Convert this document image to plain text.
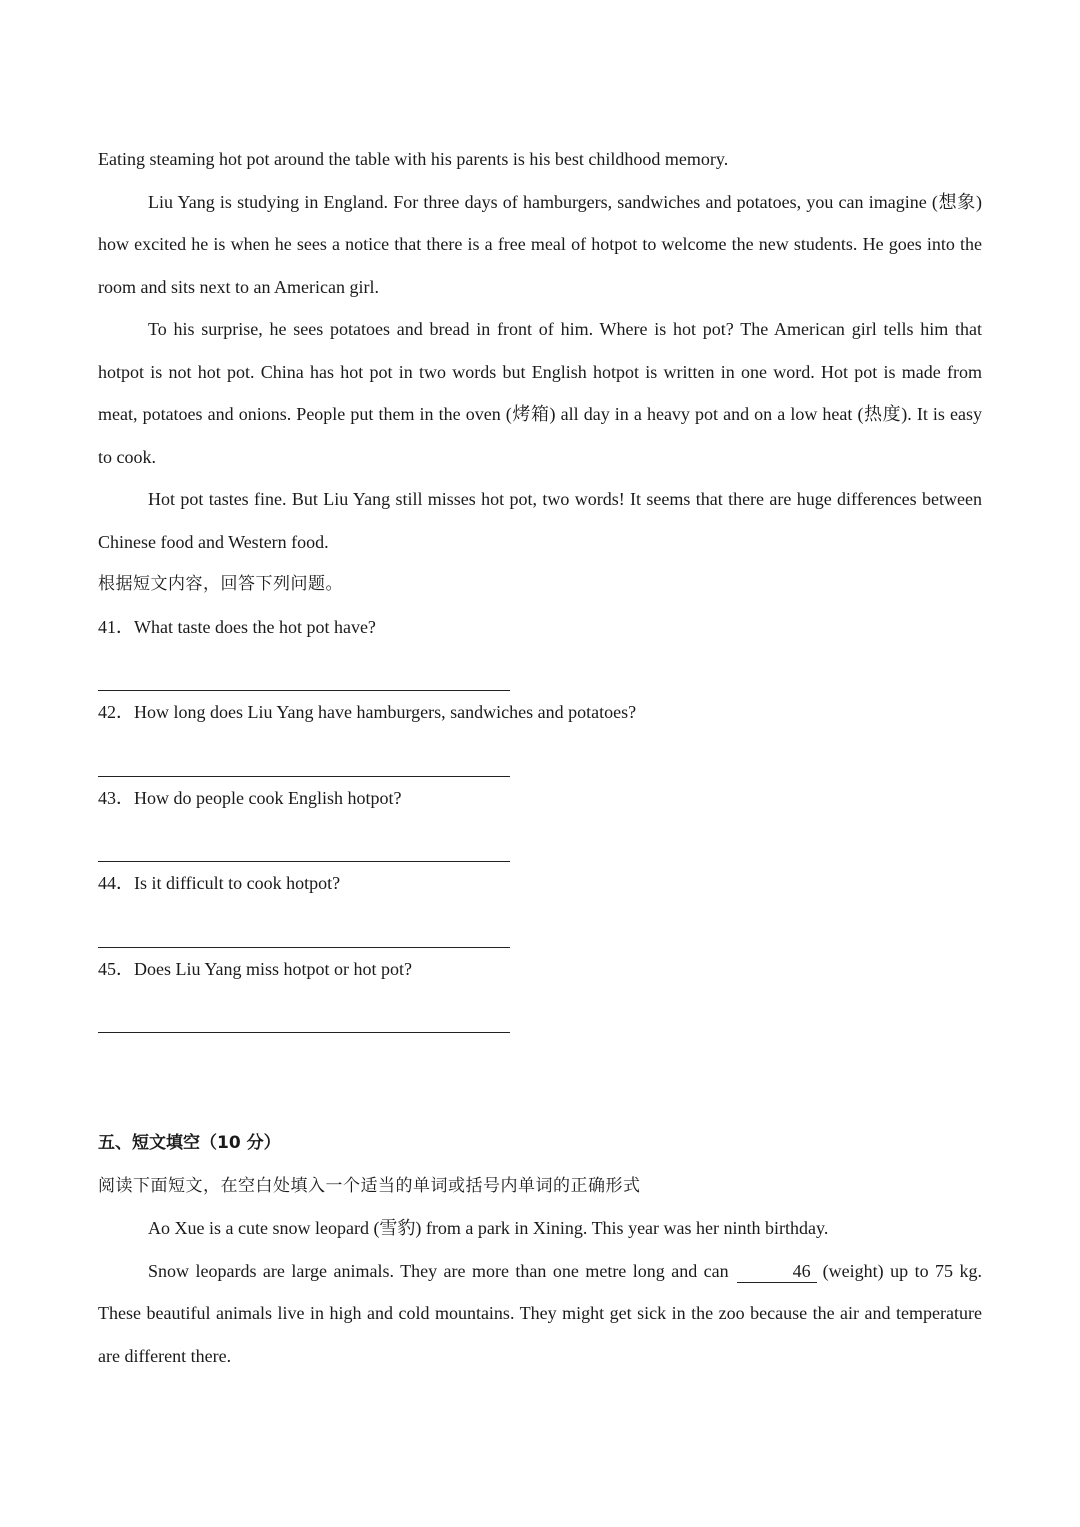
Eating steaming hot pot around the table with his parents is his best childhood memory.

Liu Yang is studying in England. For three days of hamburgers, sandwiches and potatoes, you can imagine (想象) how excited he is when he sees a notice that there is a free meal of hotpot to welcome the new students. He goes into the room and sits next to an American girl.

To his surprise, he sees potatoes and bread in front of him. Where is hot pot? The American girl tells him that hotpot is not hot pot. China has hot pot in two words but English hotpot is written in one word. Hot pot is made from meat, potatoes and onions. People put them in the oven (烤箱) all day in a heavy pot and on a low heat (热度). It is easy to cook.

Hot pot tastes fine. But Liu Yang still misses hot pot, two words! It seems that there are huge differences between Chinese food and Western food.

根据短文内容，回答下列问题。

41．What taste does the hot pot have?

42．How long does Liu Yang have hamburgers, sandwiches and potatoes?

43．How do people cook English hotpot?

44．Is it difficult to cook hotpot?

45．Does Liu Yang miss hotpot or hot pot?

五、短文填空（10 分）

阅读下面短文，在空白处填入一个适当的单词或括号内单词的正确形式

Ao Xue is a cute snow leopard (雪豹) from a park in Xining. This year was her ninth birthday.

Snow leopards are large animals. They are more than one metre long and can	46 (weight) up to 75 kg. These beautiful animals live in high and cold mountains. They might get sick in the zoo because the air and temperature are different there.
